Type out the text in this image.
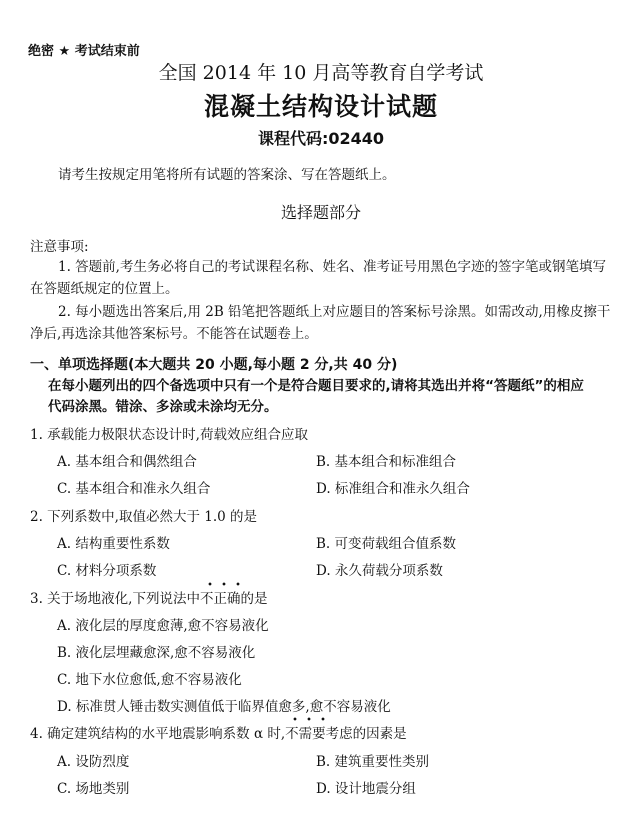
绝密 ★ 考试结束前
全国 2014 年 10 月高等教育自学考试
混凝土结构设计试题
课程代码:02440
请考生按规定用笔将所有试题的答案涂、写在答题纸上。
选择题部分
注意事项:
1. 答题前,考生务必将自己的考试课程名称、姓名、准考证号用黑色字迹的签字笔或钢笔填写在答题纸规定的位置上。
2. 每小题选出答案后,用 2B 铅笔把答题纸上对应题目的答案标号涂黑。如需改动,用橡皮擦干净后,再选涂其他答案标号。不能答在试题卷上。
一、单项选择题(本大题共 20 小题,每小题 2 分,共 40 分)
在每小题列出的四个备选项中只有一个是符合题目要求的,请将其选出并将“答题纸”的相应代码涂黑。错涂、多涂或未涂均无分。
1. 承载能力极限状态设计时,荷载效应组合应取
A. 基本组合和偶然组合	B. 基本组合和标准组合
C. 基本组合和准永久组合	D. 标准组合和准永久组合
2. 下列系数中,取值必然大于 1.0 的是
A. 结构重要性系数	B. 可变荷载组合值系数
C. 材料分项系数	D. 永久荷载分项系数
3. 关于场地液化,下列说法中
不正确的是
A. 液化层的厚度愈薄,愈不容易液化
B. 液化层埋藏愈深,愈不容易液化
C. 地下水位愈低,愈不容易液化
D. 标准贯人锤击数实测值低于临界值愈多,愈不容易液化
4. 确定建筑结构的水平地震影响系数 α 时,
不需要考虑的因素是
A. 设防烈度	B. 建筑重要性类别
C. 场地类别	D. 设计地震分组
